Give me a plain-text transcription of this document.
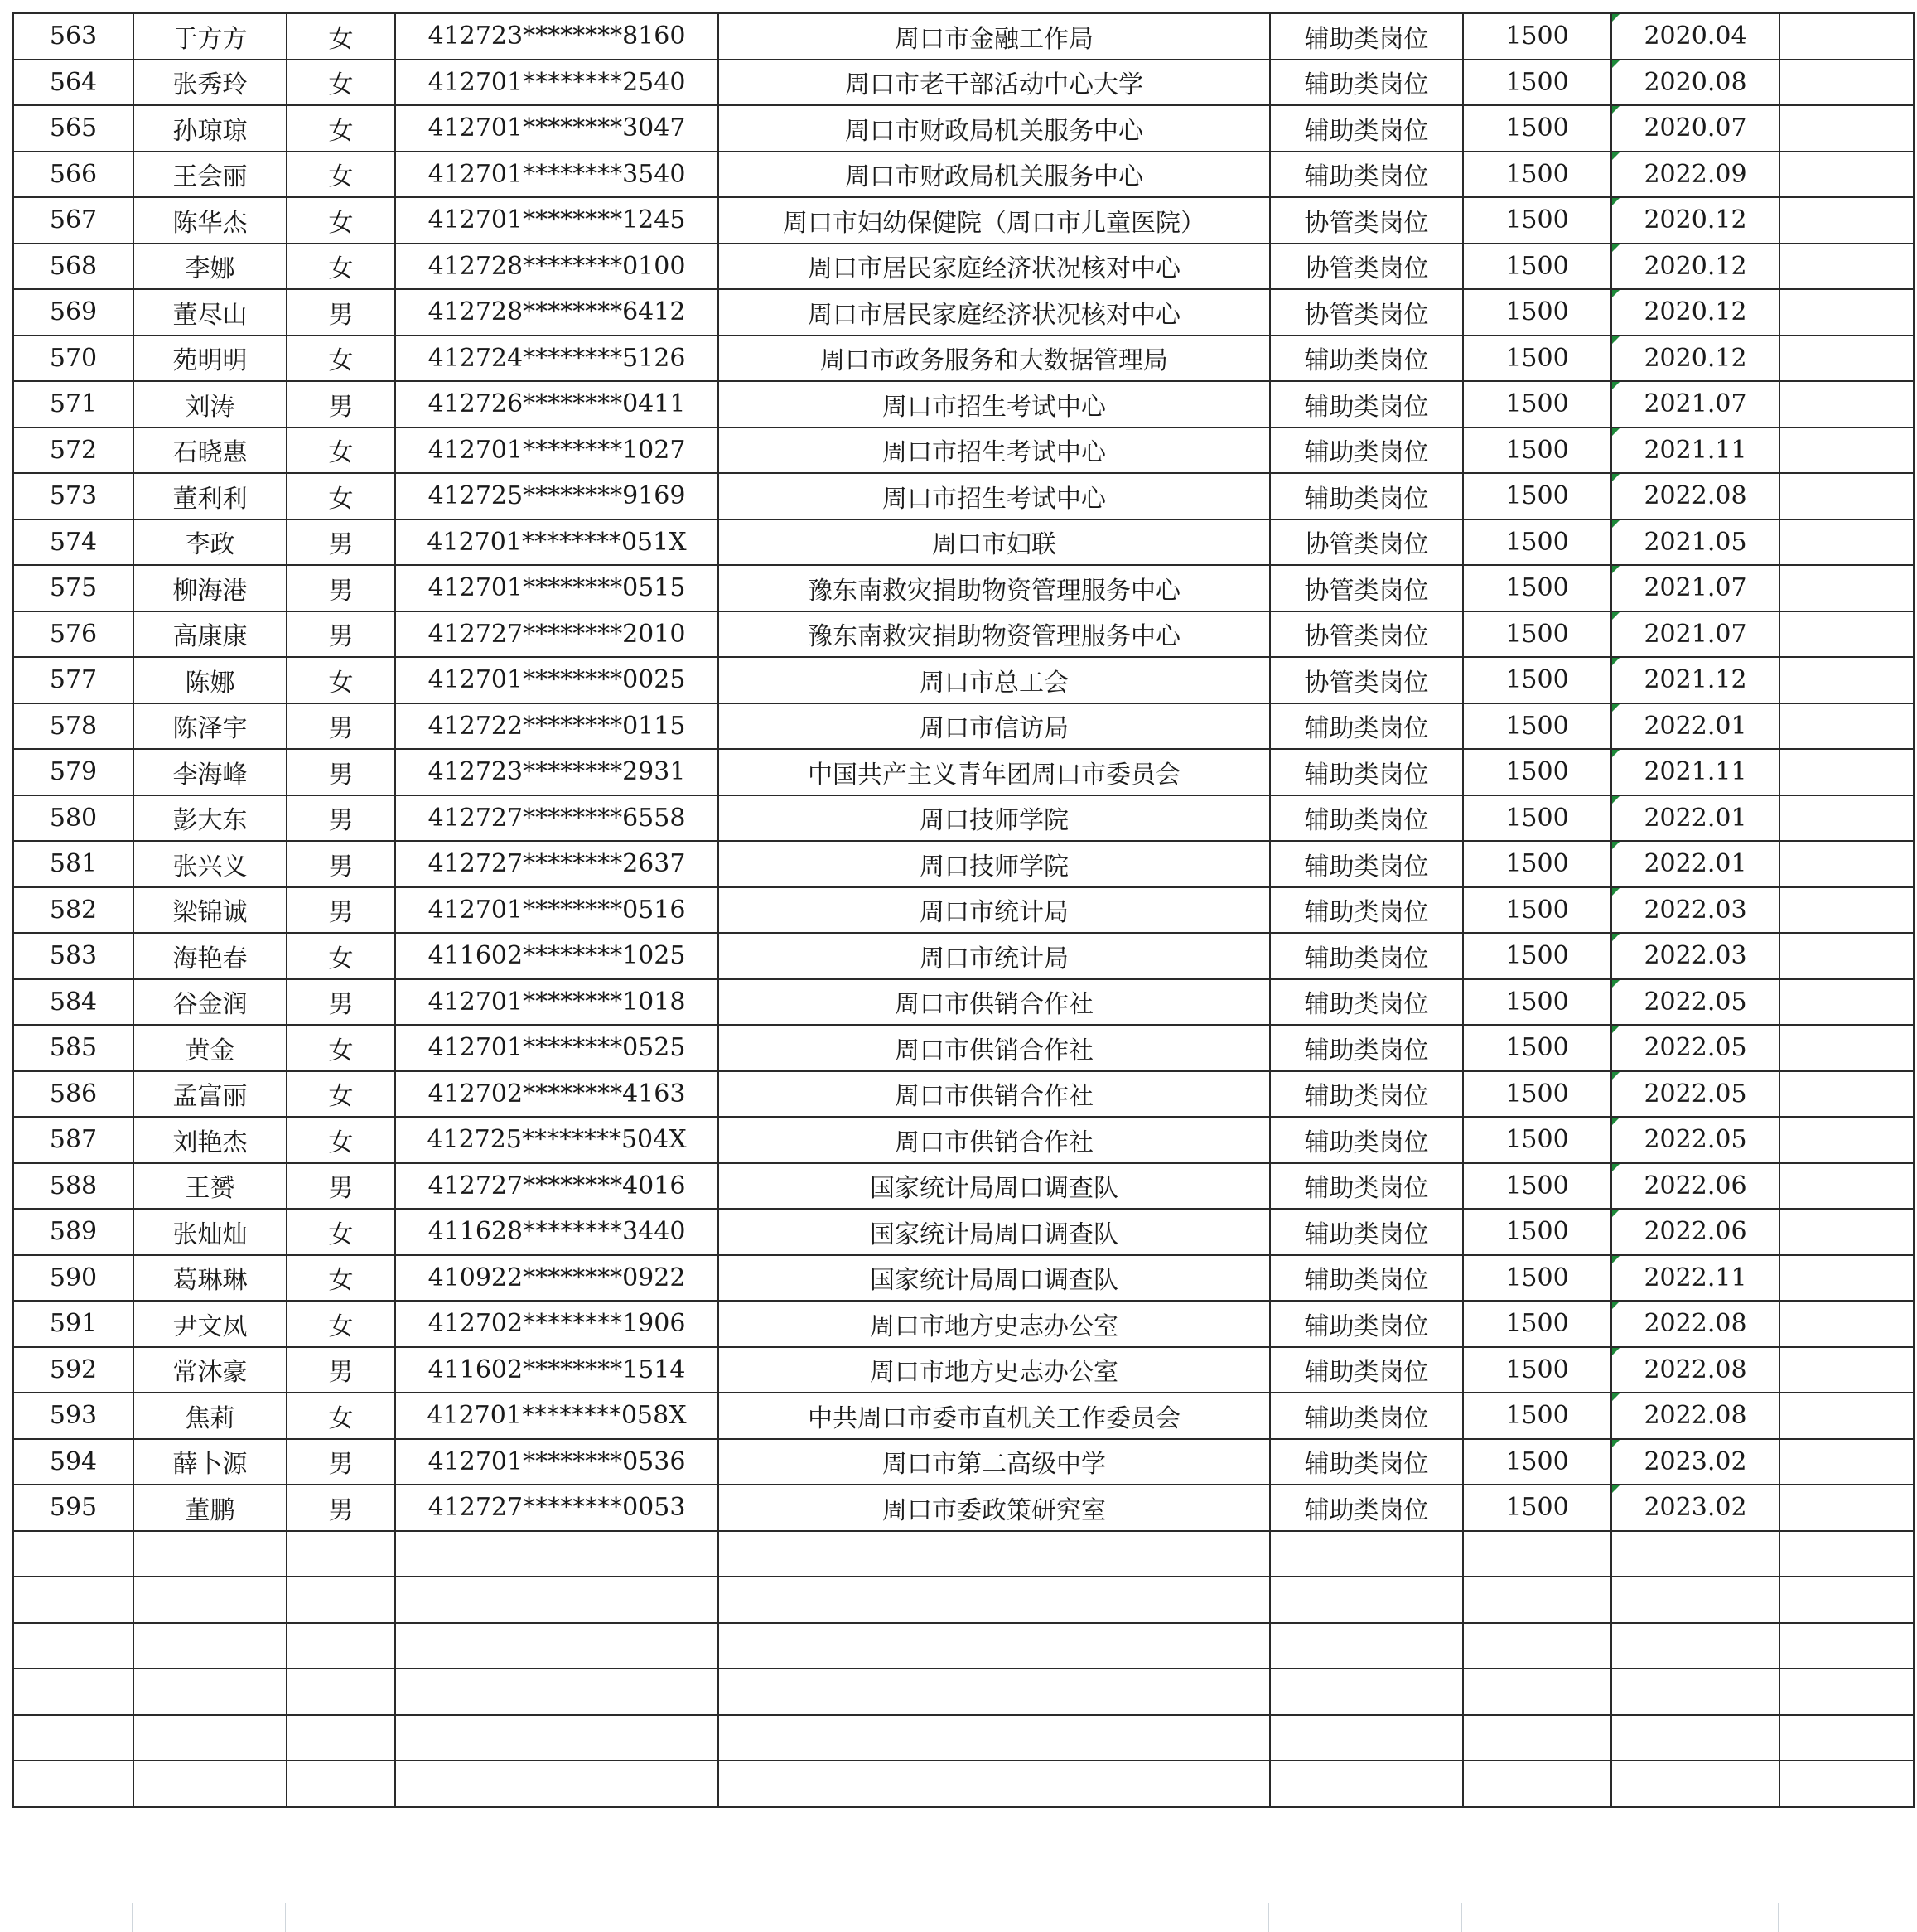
563	于方方	女	412723********8160	周口市金融工作局	辅助类岗位	1500	2020.04	
564	张秀玲	女	412701********2540	周口市老干部活动中心大学	辅助类岗位	1500	2020.08	
565	孙琼琼	女	412701********3047	周口市财政局机关服务中心	辅助类岗位	1500	2020.07	
566	王会丽	女	412701********3540	周口市财政局机关服务中心	辅助类岗位	1500	2022.09	
567	陈华杰	女	412701********1245	周口市妇幼保健院（周口市儿童医院）	协管类岗位	1500	2020.12	
568	李娜	女	412728********0100	周口市居民家庭经济状况核对中心	协管类岗位	1500	2020.12	
569	董尽山	男	412728********6412	周口市居民家庭经济状况核对中心	协管类岗位	1500	2020.12	
570	苑明明	女	412724********5126	周口市政务服务和大数据管理局	辅助类岗位	1500	2020.12	
571	刘涛	男	412726********0411	周口市招生考试中心	辅助类岗位	1500	2021.07	
572	石晓惠	女	412701********1027	周口市招生考试中心	辅助类岗位	1500	2021.11	
573	董利利	女	412725********9169	周口市招生考试中心	辅助类岗位	1500	2022.08	
574	李政	男	412701********051X	周口市妇联	协管类岗位	1500	2021.05	
575	柳海港	男	412701********0515	豫东南救灾捐助物资管理服务中心	协管类岗位	1500	2021.07	
576	高康康	男	412727********2010	豫东南救灾捐助物资管理服务中心	协管类岗位	1500	2021.07	
577	陈娜	女	412701********0025	周口市总工会	协管类岗位	1500	2021.12	
578	陈泽宇	男	412722********0115	周口市信访局	辅助类岗位	1500	2022.01	
579	李海峰	男	412723********2931	中国共产主义青年团周口市委员会	辅助类岗位	1500	2021.11	
580	彭大东	男	412727********6558	周口技师学院	辅助类岗位	1500	2022.01	
581	张兴义	男	412727********2637	周口技师学院	辅助类岗位	1500	2022.01	
582	梁锦诚	男	412701********0516	周口市统计局	辅助类岗位	1500	2022.03	
583	海艳春	女	411602********1025	周口市统计局	辅助类岗位	1500	2022.03	
584	谷金润	男	412701********1018	周口市供销合作社	辅助类岗位	1500	2022.05	
585	黄金	女	412701********0525	周口市供销合作社	辅助类岗位	1500	2022.05	
586	孟富丽	女	412702********4163	周口市供销合作社	辅助类岗位	1500	2022.05	
587	刘艳杰	女	412725********504X	周口市供销合作社	辅助类岗位	1500	2022.05	
588	王赟	男	412727********4016	国家统计局周口调查队	辅助类岗位	1500	2022.06	
589	张灿灿	女	411628********3440	国家统计局周口调查队	辅助类岗位	1500	2022.06	
590	葛琳琳	女	410922********0922	国家统计局周口调查队	辅助类岗位	1500	2022.11	
591	尹文凤	女	412702********1906	周口市地方史志办公室	辅助类岗位	1500	2022.08	
592	常沐豪	男	411602********1514	周口市地方史志办公室	辅助类岗位	1500	2022.08	
593	焦莉	女	412701********058X	中共周口市委市直机关工作委员会	辅助类岗位	1500	2022.08	
594	薛卜源	男	412701********0536	周口市第二高级中学	辅助类岗位	1500	2023.02	
595	董鹏	男	412727********0053	周口市委政策研究室	辅助类岗位	1500	2023.02	
